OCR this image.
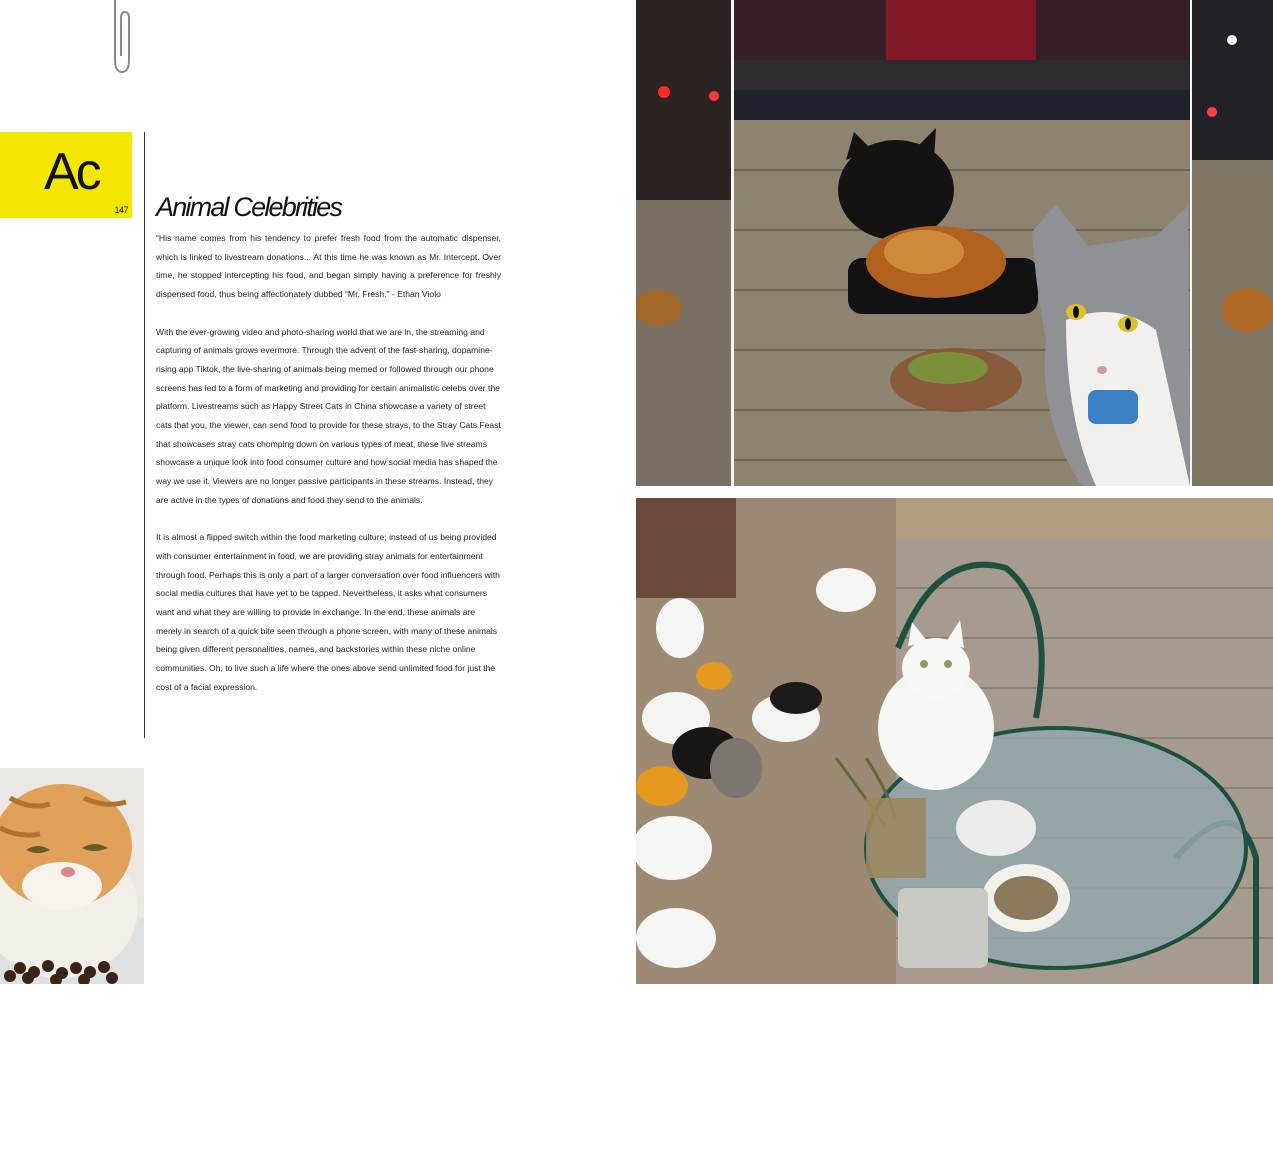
Ac
147 Animal Celebrities

“His name comes from his tendency to prefer fresh food from the automatic dispenser, which is linked to livestream donations... At this time he was known as Mr. Intercept. Over time, he stopped intercepting his food, and began simply having a preference for freshly dispensed food, thus being affectionately dubbed “Mr. Fresh.” - Ethan Violo

With the ever-growing video and photo-sharing world that we are in, the streaming and capturing of animals grows evermore. Through the advent of the fast-sharing, dopamine-rising app Tiktok, the live-sharing of animals being memed or followed through our phone screens has led to a form of marketing and providing for certain animalistic celebs over the platform. Livestreams such as Happy Street Cats in China showcase a variety of street cats that you, the viewer, can send food to provide for these strays, to the Stray Cats Feast that showcases stray cats chomping down on various types of meat, these live streams showcase a unique look into food consumer culture and how social media has shaped the way we use it. Viewers are no longer passive participants in these streams. Instead, they are active in the types of donations and food they send to the animals.

It is almost a flipped switch within the food marketing culture; instead of us being provided with consumer entertainment in food, we are providing stray animals for entertainment through food. Perhaps this is only a part of a larger conversation over food influencers with social media cultures that have yet to be tapped. Nevertheless, it asks what consumers want and what they are willing to provide in exchange. In the end, these animals are merely in search of a quick bite seen through a phone screen, with many of these animals being given different personalities, names, and backstories within these niche online communities. Oh, to live such a life where the ones above send unlimited food for just the cost of a facial expression.
